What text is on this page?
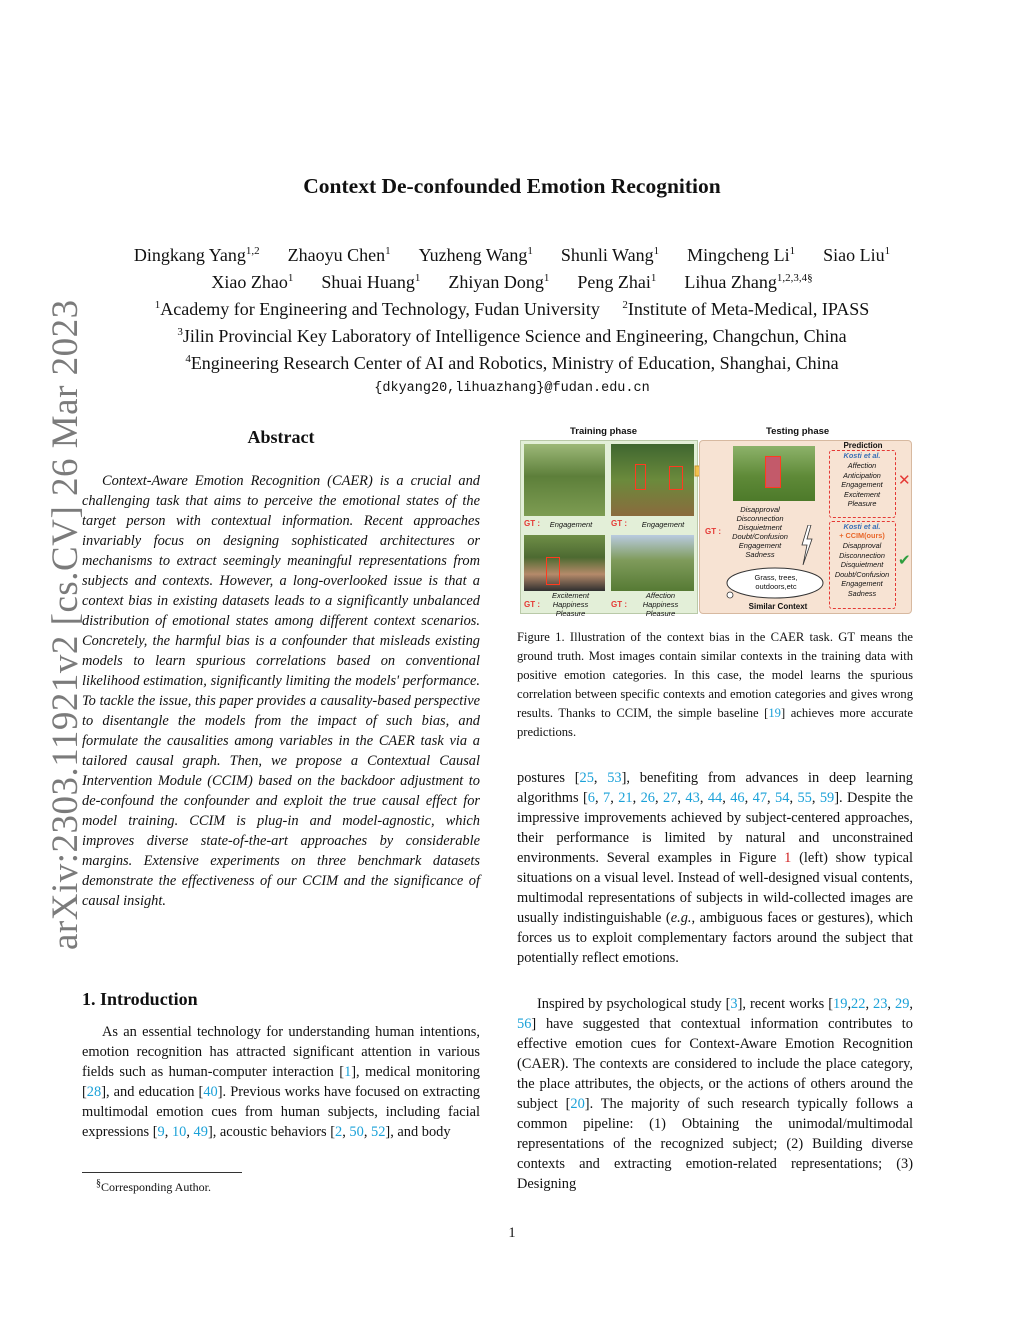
arXiv:2303.11921v2 [cs.CV] 26 Mar 2023
Context De-confounded Emotion Recognition
Dingkang Yang$^{1,2}$ Zhaoyu Chen$^1$ Yuzheng Wang$^1$ Shunli Wang$^1$ Mingcheng Li$^1$ Siao Liu$^1$
Xiao Zhao$^1$ Shuai Huang$^1$ Zhiyan Dong$^1$ Peng Zhai$^1$ Lihua Zhang$^{1,2,3,4\S}$
$^1$Academy for Engineering and Technology, Fudan University $^2$Institute of Meta-Medical, IPASS
$^3$Jilin Provincial Key Laboratory of Intelligence Science and Engineering, Changchun, China
$^4$Engineering Research Center of AI and Robotics, Ministry of Education, Shanghai, China
{dkyang20,lihuazhang}@fudan.edu.cn
Abstract
Context-Aware Emotion Recognition (CAER) is a crucial and challenging task that aims to perceive the emotional states of the target person with contextual information. Recent approaches invariably focus on designing sophisticated architectures or mechanisms to extract seemingly meaningful representations from subjects and contexts. However, a long-overlooked issue is that a context bias in existing datasets leads to a significantly unbalanced distribution of emotional states among different context scenarios. Concretely, the harmful bias is a confounder that misleads existing models to learn spurious correlations based on conventional likelihood estimation, significantly limiting the models' performance. To tackle the issue, this paper provides a causality-based perspective to disentangle the models from the impact of such bias, and formulate the causalities among variables in the CAER task via a tailored causal graph. Then, we propose a Contextual Causal Intervention Module (CCIM) based on the backdoor adjustment to de-confound the confounder and exploit the true causal effect for model training. CCIM is plug-in and model-agnostic, which improves diverse state-of-the-art approaches by considerable margins. Extensive experiments on three benchmark datasets demonstrate the effectiveness of our CCIM and the significance of causal insight.
1. Introduction
As an essential technology for understanding human intentions, emotion recognition has attracted significant attention in various fields such as human-computer interaction [1], medical monitoring [28], and education [40]. Previous works have focused on extracting multimodal emotion cues from human subjects, including facial expressions [9, 10, 49], acoustic behaviors [2, 50, 52], and body
§Corresponding Author.
Training phase	Testing phase
GT :	Engagement	GT :	Engagement
GT :
Excitement
Happiness
Pleasure
GT :
Affection
Happiness
Pleasure
GT :
Disapproval
Disconnection
Disquietment
Doubt/Confusion
Engagement
Sadness
Grass, trees,
outdoors,etc
Similar Context
Prediction
Kosti et al.
Affection
Anticipation
Engagement
Excitement
Pleasure
✕
Kosti et al.
+ CCIM(ours)
Disapproval
Disconnection
Disquietment
Doubt/Confusion
Engagement
Sadness
✔
Figure 1. Illustration of the context bias in the CAER task. GT means the ground truth. Most images contain similar contexts in the training data with positive emotion categories. In this case, the model learns the spurious correlation between specific contexts and emotion categories and gives wrong results. Thanks to CCIM, the simple baseline [19] achieves more accurate predictions.
postures [25, 53], benefiting from advances in deep learning algorithms [6, 7, 21, 26, 27, 43, 44, 46, 47, 54, 55, 59]. Despite the impressive improvements achieved by subject-centered approaches, their performance is limited by natural and unconstrained environments. Several examples in Figure 1 (left) show typical situations on a visual level. Instead of well-designed visual contents, multimodal representations of subjects in wild-collected images are usually indistinguishable (e.g., ambiguous faces or gestures), which forces us to exploit complementary factors around the subject that potentially reflect emotions.
Inspired by psychological study [3], recent works [19,22, 23, 29, 56] have suggested that contextual information contributes to effective emotion cues for Context-Aware Emotion Recognition (CAER). The contexts are considered to include the place category, the place attributes, the objects, or the actions of others around the subject [20]. The majority of such research typically follows a common pipeline: (1) Obtaining the unimodal/multimodal representations of the recognized subject; (2) Building diverse contexts and extracting emotion-related representations; (3) Designing
1
